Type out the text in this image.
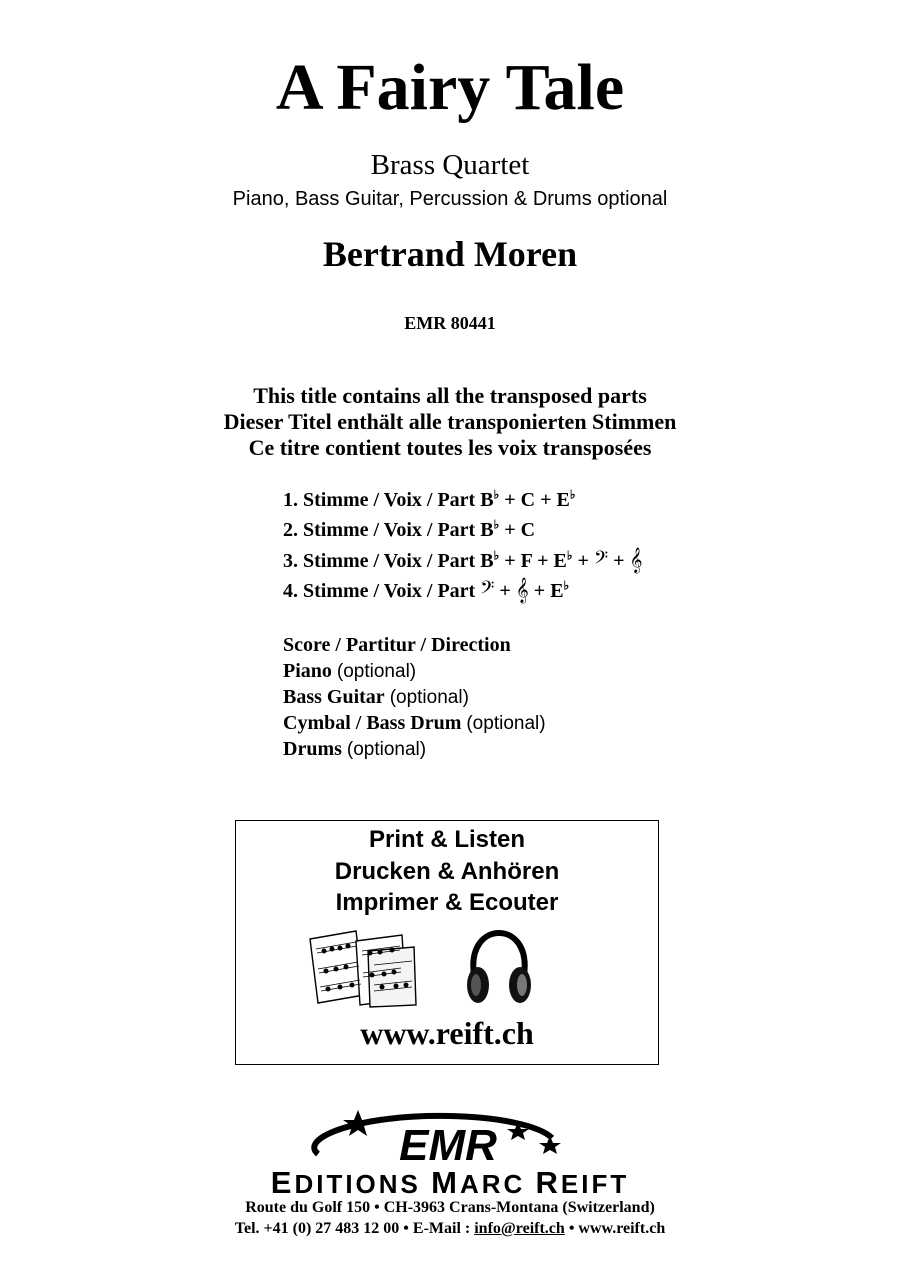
A Fairy Tale
Brass Quartet
Piano, Bass Guitar, Percussion & Drums optional
Bertrand Moren
EMR 80441
This title contains all the transposed parts
Dieser Titel enthält alle transponierten Stimmen
Ce titre contient toutes les voix transposées
1. Stimme / Voix / Part B♭ + C + E♭
2. Stimme / Voix / Part B♭ + C
3. Stimme / Voix / Part B♭ + F + E♭ + 𝄢 + 𝄞
4. Stimme / Voix / Part 𝄢 + 𝄞 + E♭
Score / Partitur / Direction
Piano (optional)
Bass Guitar (optional)
Cymbal / Bass Drum (optional)
Drums (optional)
Print & Listen
Drucken & Anhören
Imprimer & Ecouter
www.reift.ch
EMR
EDITIONS MARC REIFT
Route du Golf 150 • CH-3963 Crans-Montana (Switzerland)
Tel. +41 (0) 27 483 12 00 • E-Mail : info@reift.ch • www.reift.ch
